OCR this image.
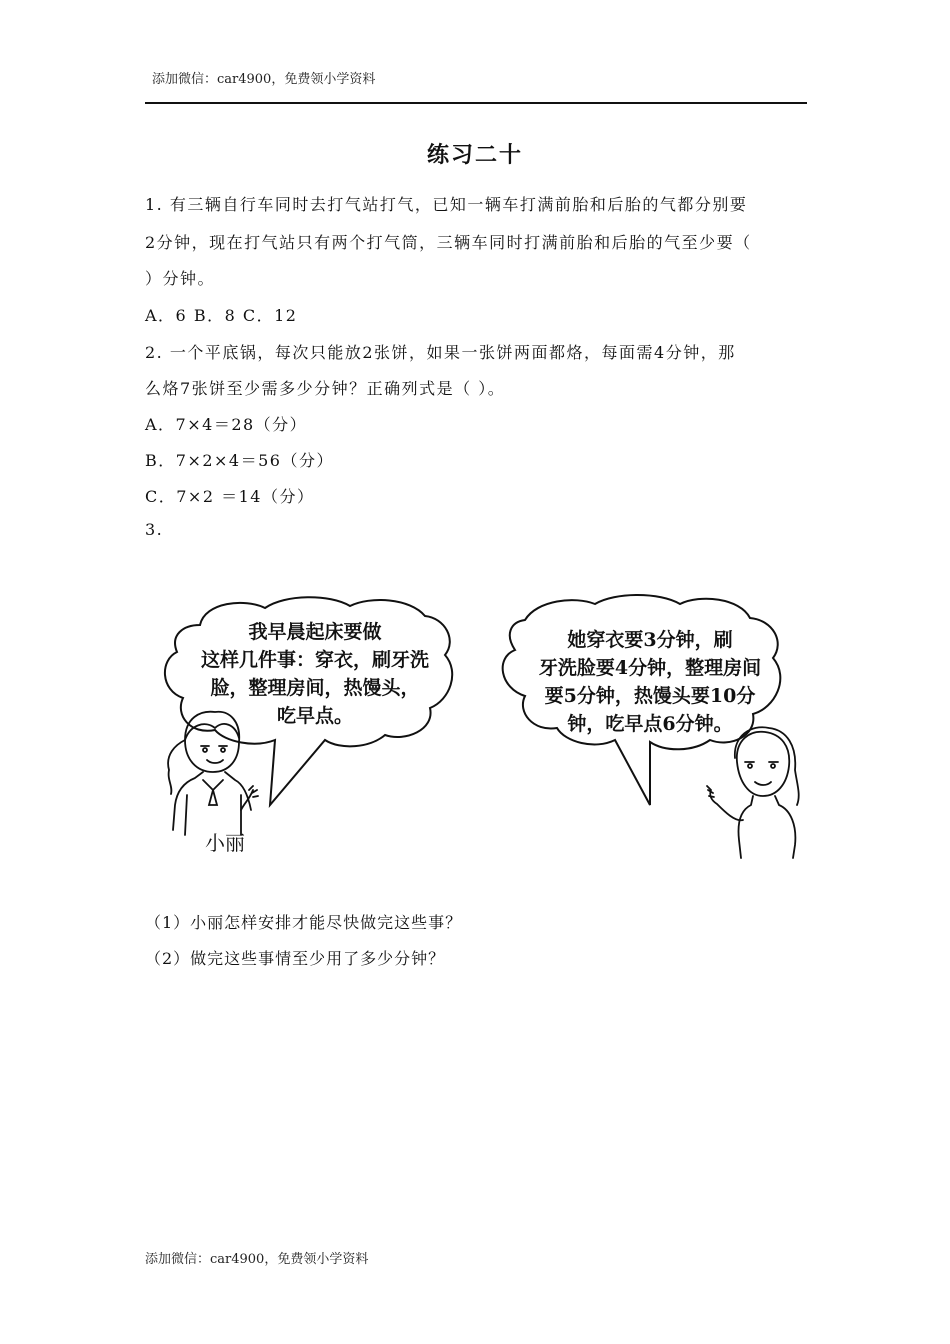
添加微信：car4900，免费领小学资料
练习二十
1. 有三辆自行车同时去打气站打气，已知一辆车打满前胎和后胎的气都分别要
2分钟，现在打气站只有两个打气筒，三辆车同时打满前胎和后胎的气至少要（
）分钟。
A．6 B．8 C．12
2. 一个平底锅，每次只能放2张饼，如果一张饼两面都烙，每面需4分钟，那
么烙7张饼至少需多少分钟？正确列式是（ ）。
A．7×4＝28（分）
B．7×2×4＝56（分）
C．7×2 ＝14（分）
3.
我早晨起床要做
这样几件事：穿衣，刷牙洗
脸，整理房间，热馒头，
吃早点。
她穿衣要3分钟，刷
牙洗脸要4分钟，整理房间
要5分钟，热馒头要10分
钟，吃早点6分钟。
小丽
（1）小丽怎样安排才能尽快做完这些事？
（2）做完这些事情至少用了多少分钟？
添加微信：car4900，免费领小学资料
